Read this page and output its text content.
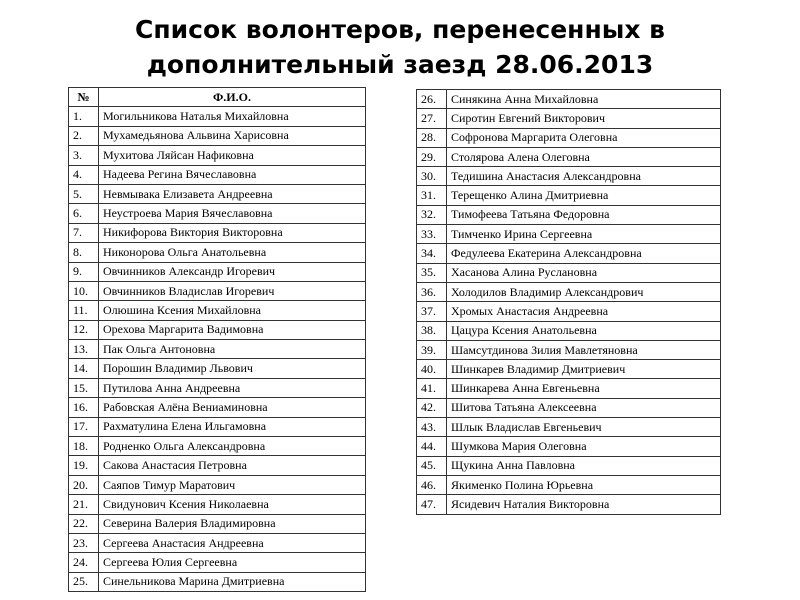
Список волонтеров, перенесенных в
дополнительный заезд 28.06.2013
№	Ф.И.О.
1.	Могильникова Наталья Михайловна
2.	Мухамедьянова Альвина Харисовна
3.	Мухитова Ляйсан Нафиковна
4.	Надеева Регина Вячеславовна
5.	Невмывака Елизавета Андреевна
6.	Неустроева Мария Вячеславовна
7.	Никифорова Виктория Викторовна
8.	Никонорова Ольга Анатольевна
9.	Овчинников Александр Игоревич
10.	Овчинников Владислав Игоревич
11.	Олюшина Ксения Михайловна
12.	Орехова Маргарита Вадимовна
13.	Пак Ольга Антоновна
14.	Порошин Владимир Львович
15.	Путилова Анна Андреевна
16.	Рабовская Алёна Вениаминовна
17.	Рахматулина Елена Ильгамовна
18.	Родненко Ольга Александровна
19.	Сакова Анастасия Петровна
20.	Саяпов Тимур Маратович
21.	Свидунович Ксения Николаевна
22.	Северина Валерия Владимировна
23.	Сергеева Анастасия Андреевна
24.	Сергеева Юлия Сергеевна
25.	Синельникова Марина Дмитриевна
26.	Синякина Анна Михайловна
27.	Сиротин Евгений Викторович
28.	Софронова Маргарита Олеговна
29.	Столярова Алена Олеговна
30.	Тедишина Анастасия Александровна
31.	Терещенко Алина Дмитриевна
32.	Тимофеева Татьяна Федоровна
33.	Тимченко Ирина Сергеевна
34.	Федулеева Екатерина Александровна
35.	Хасанова Алина Руслановна
36.	Холодилов Владимир Александрович
37.	Хромых Анастасия Андреевна
38.	Цацура Ксения Анатольевна
39.	Шамсутдинова Зилия Мавлетяновна
40.	Шинкарев Владимир Дмитриевич
41.	Шинкарева Анна Евгеньевна
42.	Шитова Татьяна Алексеевна
43.	Шлык Владислав Евгеньевич
44.	Шумкова Мария Олеговна
45.	Щукина Анна Павловна
46.	Якименко Полина Юрьевна
47.	Ясидевич Наталия Викторовна
